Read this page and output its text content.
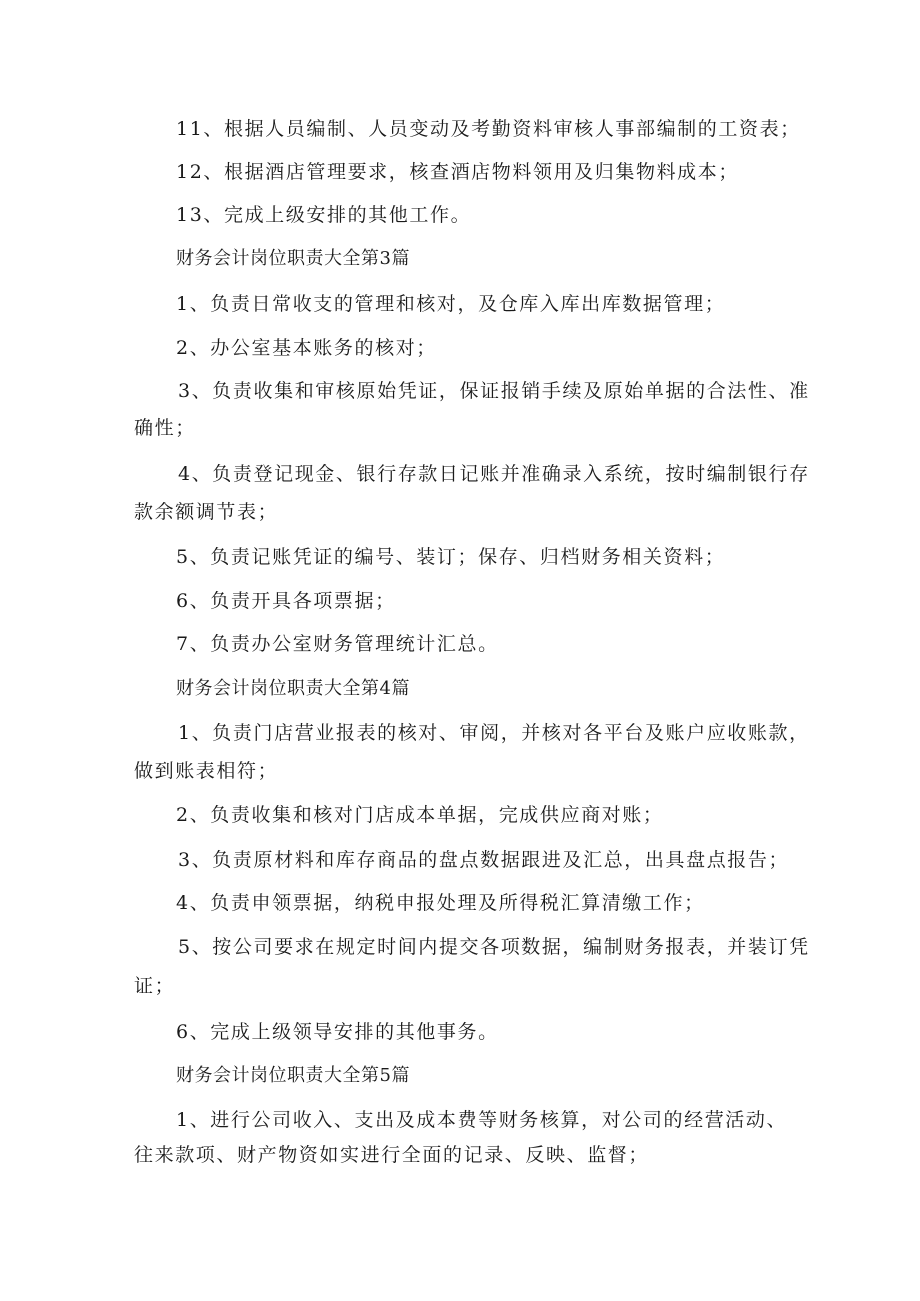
11、根据人员编制、人员变动及考勤资料审核人事部编制的工资表；
12、根据酒店管理要求，核查酒店物料领用及归集物料成本；
13、完成上级安排的其他工作。
财务会计岗位职责大全第3篇
1、负责日常收支的管理和核对，及仓库入库出库数据管理；
2、办公室基本账务的核对；
3、负责收集和审核原始凭证，保证报销手续及原始单据的合法性、准
确性；
4、负责登记现金、银行存款日记账并准确录入系统，按时编制银行存
款余额调节表；
5、负责记账凭证的编号、装订；保存、归档财务相关资料；
6、负责开具各项票据；
7、负责办公室财务管理统计汇总。
财务会计岗位职责大全第4篇
1、负责门店营业报表的核对、审阅，并核对各平台及账户应收账款，
做到账表相符；
2、负责收集和核对门店成本单据，完成供应商对账；
3、负责原材料和库存商品的盘点数据跟进及汇总，出具盘点报告；
4、负责申领票据，纳税申报处理及所得税汇算清缴工作；
5、按公司要求在规定时间内提交各项数据，编制财务报表，并装订凭
证；
6、完成上级领导安排的其他事务。
财务会计岗位职责大全第5篇
1、进行公司收入、支出及成本费等财务核算，对公司的经营活动、
往来款项、财产物资如实进行全面的记录、反映、监督；
